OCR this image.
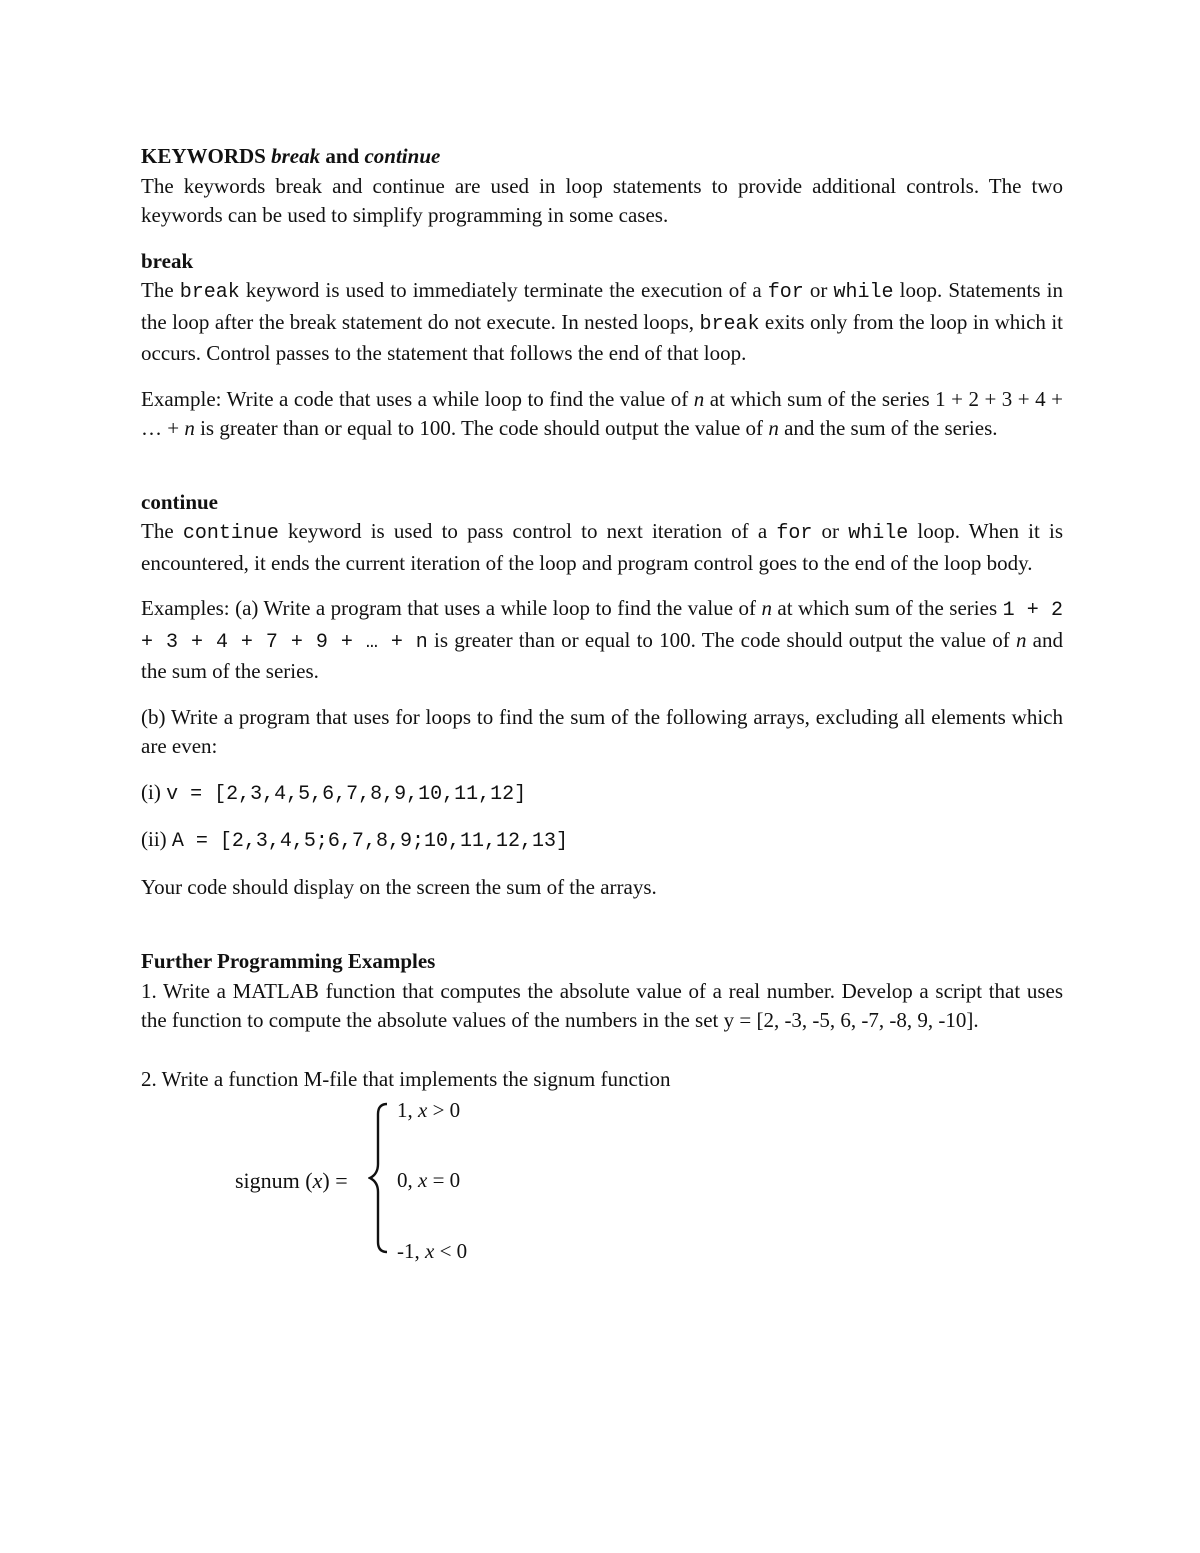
KEYWORDS break and continue

The keywords break and continue are used in loop statements to provide additional controls. The two keywords can be used to simplify programming in some cases.

break

The break keyword is used to immediately terminate the execution of a for or while loop. Statements in the loop after the break statement do not execute. In nested loops, break exits only from the loop in which it occurs. Control passes to the statement that follows the end of that loop.

Example: Write a code that uses a while loop to find the value of n at which sum of the series 1 + 2 + 3 + 4 + … + n is greater than or equal to 100. The code should output the value of n and the sum of the series.

continue

The continue keyword is used to pass control to next iteration of a for or while loop. When it is encountered, it ends the current iteration of the loop and program control goes to the end of the loop body.

Examples: (a) Write a program that uses a while loop to find the value of n at which sum of the series 1 + 2 + 3 + 4 + 7 + 9 + … + n is greater than or equal to 100. The code should output the value of n and the sum of the series.

(b) Write a program that uses for loops to find the sum of the following arrays, excluding all elements which are even:

(i) v = [2,3,4,5,6,7,8,9,10,11,12]

(ii) A = [2,3,4,5;6,7,8,9;10,11,12,13]

Your code should display on the screen the sum of the arrays.

Further Programming Examples

1. Write a MATLAB function that computes the absolute value of a real number. Develop a script that uses the function to compute the absolute values of the numbers in the set y = [2, -3, -5, 6, -7, -8, 9, -10].

2. Write a function M-file that implements the signum function

signum (x) =
1, x > 0
0, x = 0
-1, x < 0
